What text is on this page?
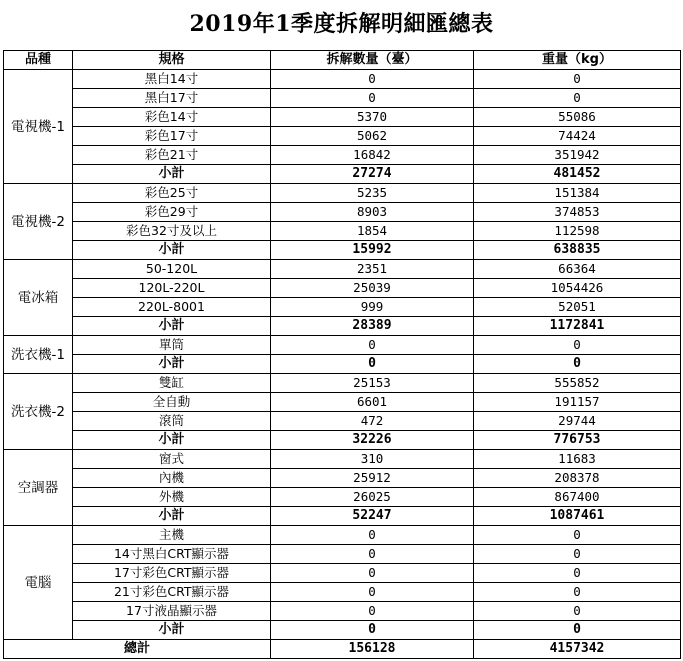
2019年1季度拆解明細匯總表
品種	規格	拆解數量（臺）	重量（kg）
電視機-1	黑白14寸	0	0
	黑白17寸	0	0
	彩色14寸	5370	55086
	彩色17寸	5062	74424
	彩色21寸	16842	351942
	小計	27274	481452
電視機-2	彩色25寸	5235	151384
	彩色29寸	8903	374853
	彩色32寸及以上	1854	112598
	小計	15992	638835
電冰箱	50-120L	2351	66364
	120L-220L	25039	1054426
	220L-8001	999	52051
	小計	28389	1172841
洗衣機-1	單筒	0	0
	小計	0	0
洗衣機-2	雙缸	25153	555852
	全自動	6601	191157
	滾筒	472	29744
	小計	32226	776753
空調器	窗式	310	11683
	內機	25912	208378
	外機	26025	867400
	小計	52247	1087461
電腦	主機	0	0
	14寸黑白CRT顯示器	0	0
	17寸彩色CRT顯示器	0	0
	21寸彩色CRT顯示器	0	0
	17寸液晶顯示器	0	0
	小計	0	0
總計		156128	4157342
